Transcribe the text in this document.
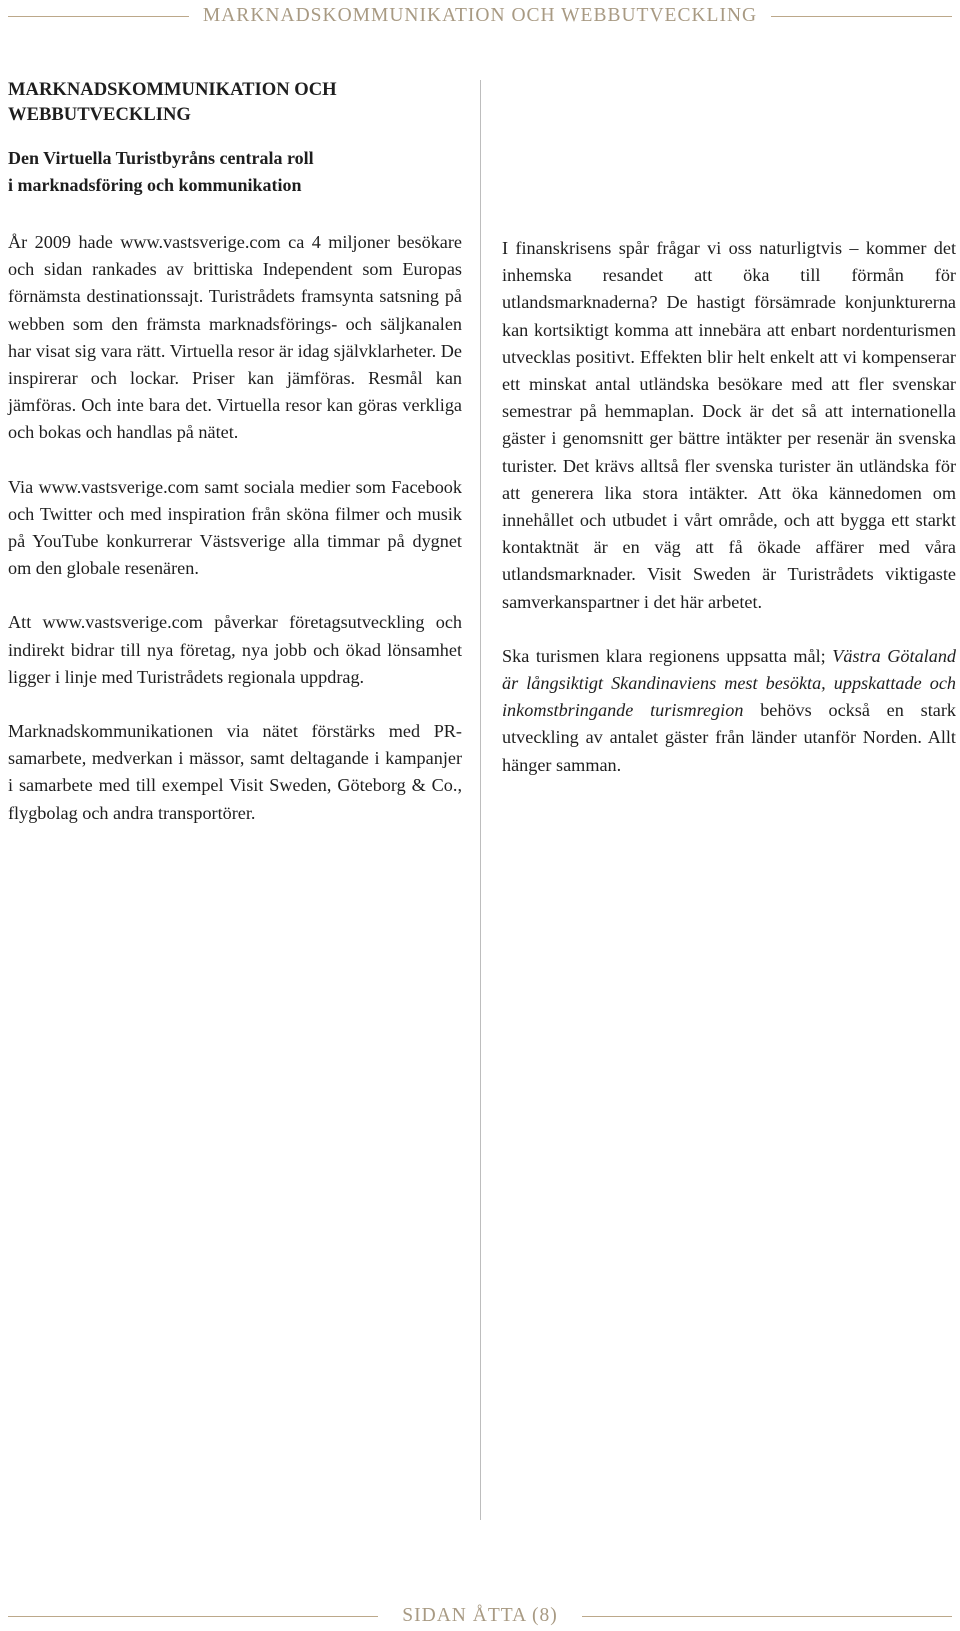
MARKNADSKOMMUNIKATION OCH WEBBUTVECKLING
MARKNADSKOMMUNIKATION OCH
WEBBUTVECKLING
Den Virtuella Turistbyråns centrala roll
i marknadsföring och kommunikation

År 2009 hade www.vastsverige.com ca 4 miljoner besökare och sidan rankades av brittiska Independent som Europas förnämsta destinationssajt. Turistrådets framsynta satsning på webben som den främsta marknadsförings- och säljkanalen har visat sig vara rätt. Virtuella resor är idag självklarheter. De inspirerar och lockar. Priser kan jämföras. Resmål kan jämföras. Och inte bara det. Virtuella resor kan göras verkliga och bokas och handlas på nätet.

Via www.vastsverige.com samt sociala medier som Facebook och Twitter och med inspiration från sköna filmer och musik på YouTube konkurrerar Västsverige alla timmar på dygnet om den globale resenären.

Att www.vastsverige.com påverkar företagsutveckling och indirekt bidrar till nya företag, nya jobb och ökad lönsamhet ligger i linje med Turistrådets regionala uppdrag.

Marknadskommunikationen via nätet förstärks med PR-samarbete, medverkan i mässor, samt deltagande i kampanjer i samarbete med till exempel Visit Sweden, Göteborg & Co., flygbolag och andra transportörer.

I finanskrisens spår frågar vi oss naturligtvis – kommer det inhemska resandet att öka till förmån för utlandsmarknaderna? De hastigt försämrade konjunkturerna kan kortsiktigt komma att innebära att enbart nordenturismen utvecklas positivt. Effekten blir helt enkelt att vi kompenserar ett minskat antal utländska besökare med att fler svenskar semestrar på hemmaplan. Dock är det så att internationella gäster i genomsnitt ger bättre intäkter per resenär än svenska turister. Det krävs alltså fler svenska turister än utländska för att generera lika stora intäkter. Att öka kännedomen om innehållet och utbudet i vårt område, och att bygga ett starkt kontaktnät är en väg att få ökade affärer med våra utlandsmarknader. Visit Sweden är Turistrådets viktigaste samverkanspartner i det här arbetet.

Ska turismen klara regionens uppsatta mål; Västra Götaland är långsiktigt Skandinaviens mest besökta, uppskattade och inkomstbringande turismregion behövs också en stark utveckling av antalet gäster från länder utanför Norden. Allt hänger samman.

SIDAN ÅTTA (8)
